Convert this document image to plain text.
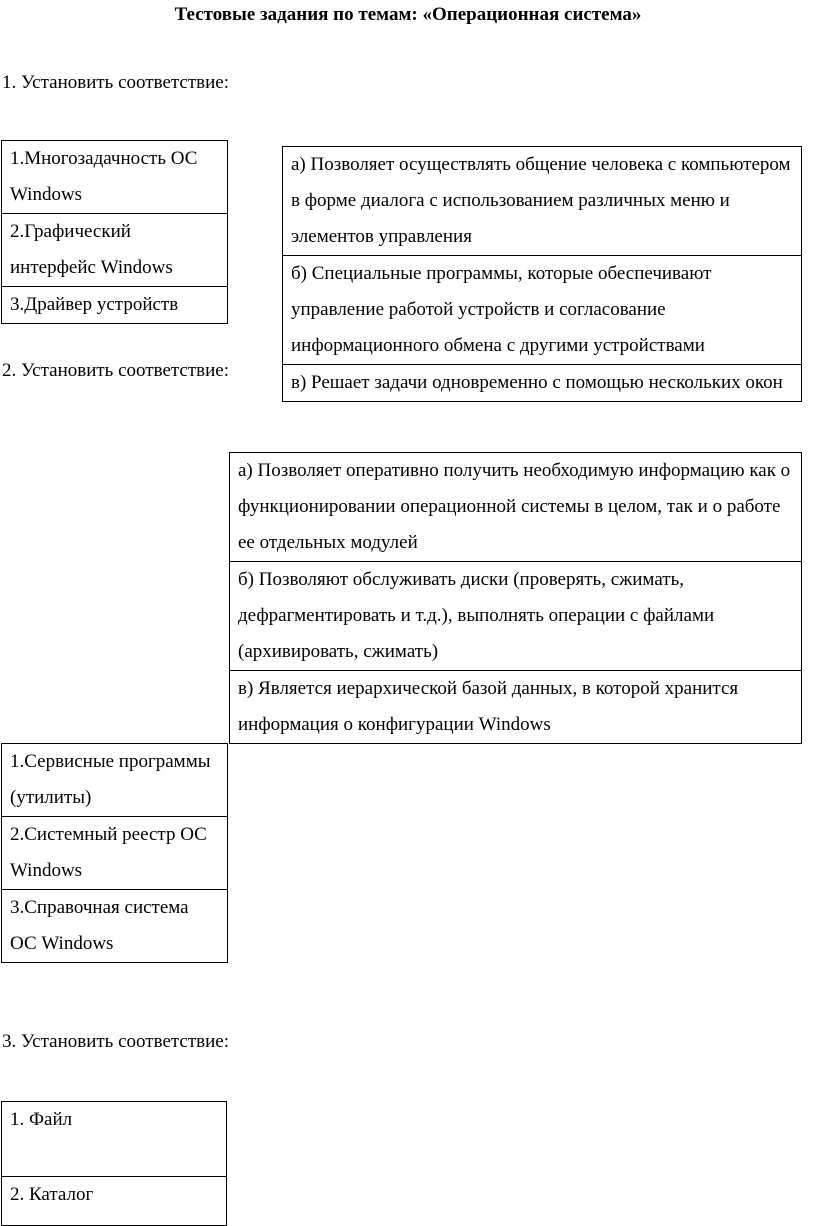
Тестовые задания по темам: «Операционная система»
1. Установить соответствие:
1.Многозадачность ОС Windows
2.Графический интерфейс Windows
3.Драйвер устройств
а) Позволяет осуществлять общение человека с компьютером в форме диалога с использованием различных меню и элементов управления
б) Специальные программы, которые обеспечивают управление работой устройств и согласование информационного обмена с другими устройствами
в) Решает задачи одновременно с помощью нескольких окон
2. Установить соответствие:
а) Позволяет оперативно получить необходимую информацию как о функционировании операционной системы в целом, так и о работе ее отдельных модулей
б) Позволяют обслуживать диски (проверять, сжимать, дефрагментировать и т.д.), выполнять операции с файлами (архивировать, сжимать)
в) Является иерархической базой данных, в которой хранится информация о конфигурации Windows
1.Сервисные программы (утилиты)
2.Системный реестр ОС Windows
3.Справочная система ОС Windows
3. Установить соответствие:
1. Файл
2. Каталог
